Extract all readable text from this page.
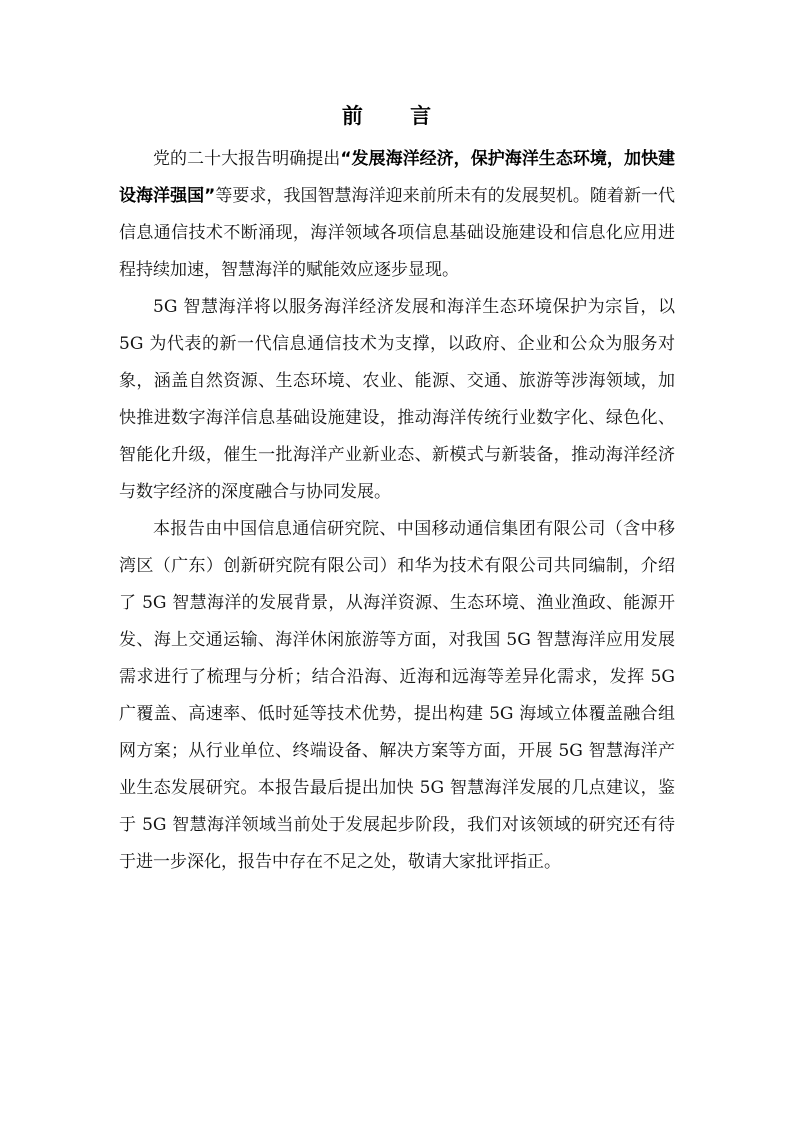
前 言

党的二十大报告明确提出“发展海洋经济，保护海洋生态环境，加快建设海洋强国”等要求，我国智慧海洋迎来前所未有的发展契机。随着新一代信息通信技术不断涌现，海洋领域各项信息基础设施建设和信息化应用进程持续加速，智慧海洋的赋能效应逐步显现。

5G 智慧海洋将以服务海洋经济发展和海洋生态环境保护为宗旨，以 5G 为代表的新一代信息通信技术为支撑，以政府、企业和公众为服务对象，涵盖自然资源、生态环境、农业、能源、交通、旅游等涉海领域，加快推进数字海洋信息基础设施建设，推动海洋传统行业数字化、绿色化、智能化升级，催生一批海洋产业新业态、新模式与新装备，推动海洋经济与数字经济的深度融合与协同发展。

本报告由中国信息通信研究院、中国移动通信集团有限公司（含中移湾区（广东）创新研究院有限公司）和华为技术有限公司共同编制，介绍了 5G 智慧海洋的发展背景，从海洋资源、生态环境、渔业渔政、能源开发、海上交通运输、海洋休闲旅游等方面，对我国 5G 智慧海洋应用发展需求进行了梳理与分析；结合沿海、近海和远海等差异化需求，发挥 5G 广覆盖、高速率、低时延等技术优势，提出构建 5G 海域立体覆盖融合组网方案；从行业单位、终端设备、解决方案等方面，开展 5G 智慧海洋产业生态发展研究。本报告最后提出加快 5G 智慧海洋发展的几点建议，鉴于 5G 智慧海洋领域当前处于发展起步阶段，我们对该领域的研究还有待于进一步深化，报告中存在不足之处，敬请大家批评指正。
